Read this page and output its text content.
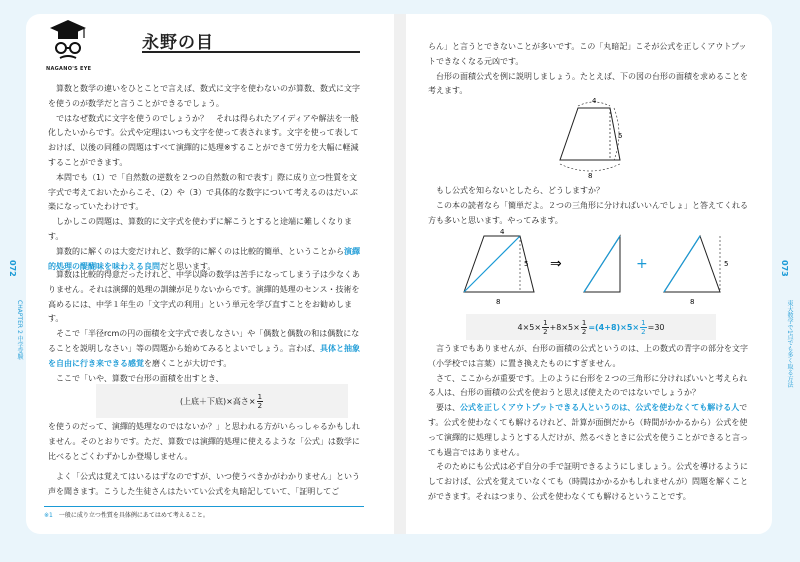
072	073
CHAPTER 2 中学受験	東大数学で1点でも多く取る方法
NAGANO'S EYE
永野の目

算数と数学の違いをひとことで言えば、数式に文字を使わないのが算数、数式に文字を使うのが数学だと言うことができるでしょう。

ではなぜ数式に文字を使うのでしょうか？　それは得られたアイディアや解法を一般化したいからです。公式や定理はいつも文字を使って表されます。文字を使って表しておけば、以後の同種の問題はすべて演繹的に処理※することができて労力を大幅に軽減することができます。

本問でも（1）で「自然数の逆数を２つの自然数の和で表す」際に成り立つ性質を文字式で考えておいたからこそ、（2）や（3）で具体的な数字について考えるのはだいぶ楽になっていたわけです。

しかしこの問題は、算数的に文字式を使わずに解こうとすると途端に難しくなります。

算数的に解くのは大変だけれど、数学的に解くのは比較的簡単、ということから演繹的処理の醍醐味を味わえる良問だと思います。

算数は比較的得意だったけれど、中学以降の数学は苦手になってしまう子は少なくありません。それは演繹的処理の訓練が足りないからです。演繹的処理のセンス・技術を高めるには、中学１年生の「文字式の利用」という単元を学び直すことをお勧めします。

そこで「半径rcmの円の面積を文字式で表しなさい」や「偶数と偶数の和は偶数になることを説明しなさい」等の問題から始めてみるとよいでしょう。言わば、具体と抽象を自由に行き来できる感覚を磨くことが大切です。

ここで「いや、算数で台形の面積を出すとき、

(上底＋下底)×高さ× $\frac{1}{2}$

を使うのだって、演繹的処理なのではないか？」と思われる方がいらっしゃるかもしれません。そのとおりです。ただ、算数では演繹的処理に使えるような「公式」は数学に比べるとごくわずかしか登場しません。

よく「公式は覚えてはいるはずなのですが、いつ使うべきかがわかりません」という声を聞きます。こうした生徒さんはたいてい公式を丸暗記していて、「証明してご

※1　 一般に成り立つ性質を具体例にあてはめて考えること。

らん」と言うとできないことが多いです。この「丸暗記」こそが公式を正しくアウトプットできなくなる元凶です。

台形の面積公式を例に説明しましょう。たとえば、下の図の台形の面積を求めることを考えます。

4
5
8

もし公式を知らないとしたら、どうしますか？

この本の読者なら「簡単だよ。２つの三角形に分ければいいんでしょ」と答えてくれる方も多いと思います。やってみます。

4
5
8
⇒	+	5
8
$4\times 5\times \frac{1}{2} +8\times 5\times \frac{1}{2} =(4+8)\times 5\times \frac{1}{2} =30$

言うまでもありませんが、台形の面積の公式というのは、上の数式の青字の部分を文字（小学校では言葉）に置き換えたものにすぎません。

さて、ここからが重要です。上のように台形を２つの三角形に分ければいいと考えられる人は、台形の面積の公式を使おうと思えば使えたのではないでしょうか？

要は、公式を正しくアウトプットできる人というのは、公式を使わなくても解ける人です。公式を使わなくても解けるけれど、計算が面倒だから（時間がかかるから）公式を使って演繹的に処理しようとする人だけが、然るべきときに公式を使うことができると言っても過言ではありません。

そのためにも公式は必ず自分の手で証明できるようにしましょう。公式を導けるようにしておけば、公式を覚えていなくても（時間はかかるかもしれませんが）問題を解くことができます。それはつまり、公式を使わなくても解けるということです。
